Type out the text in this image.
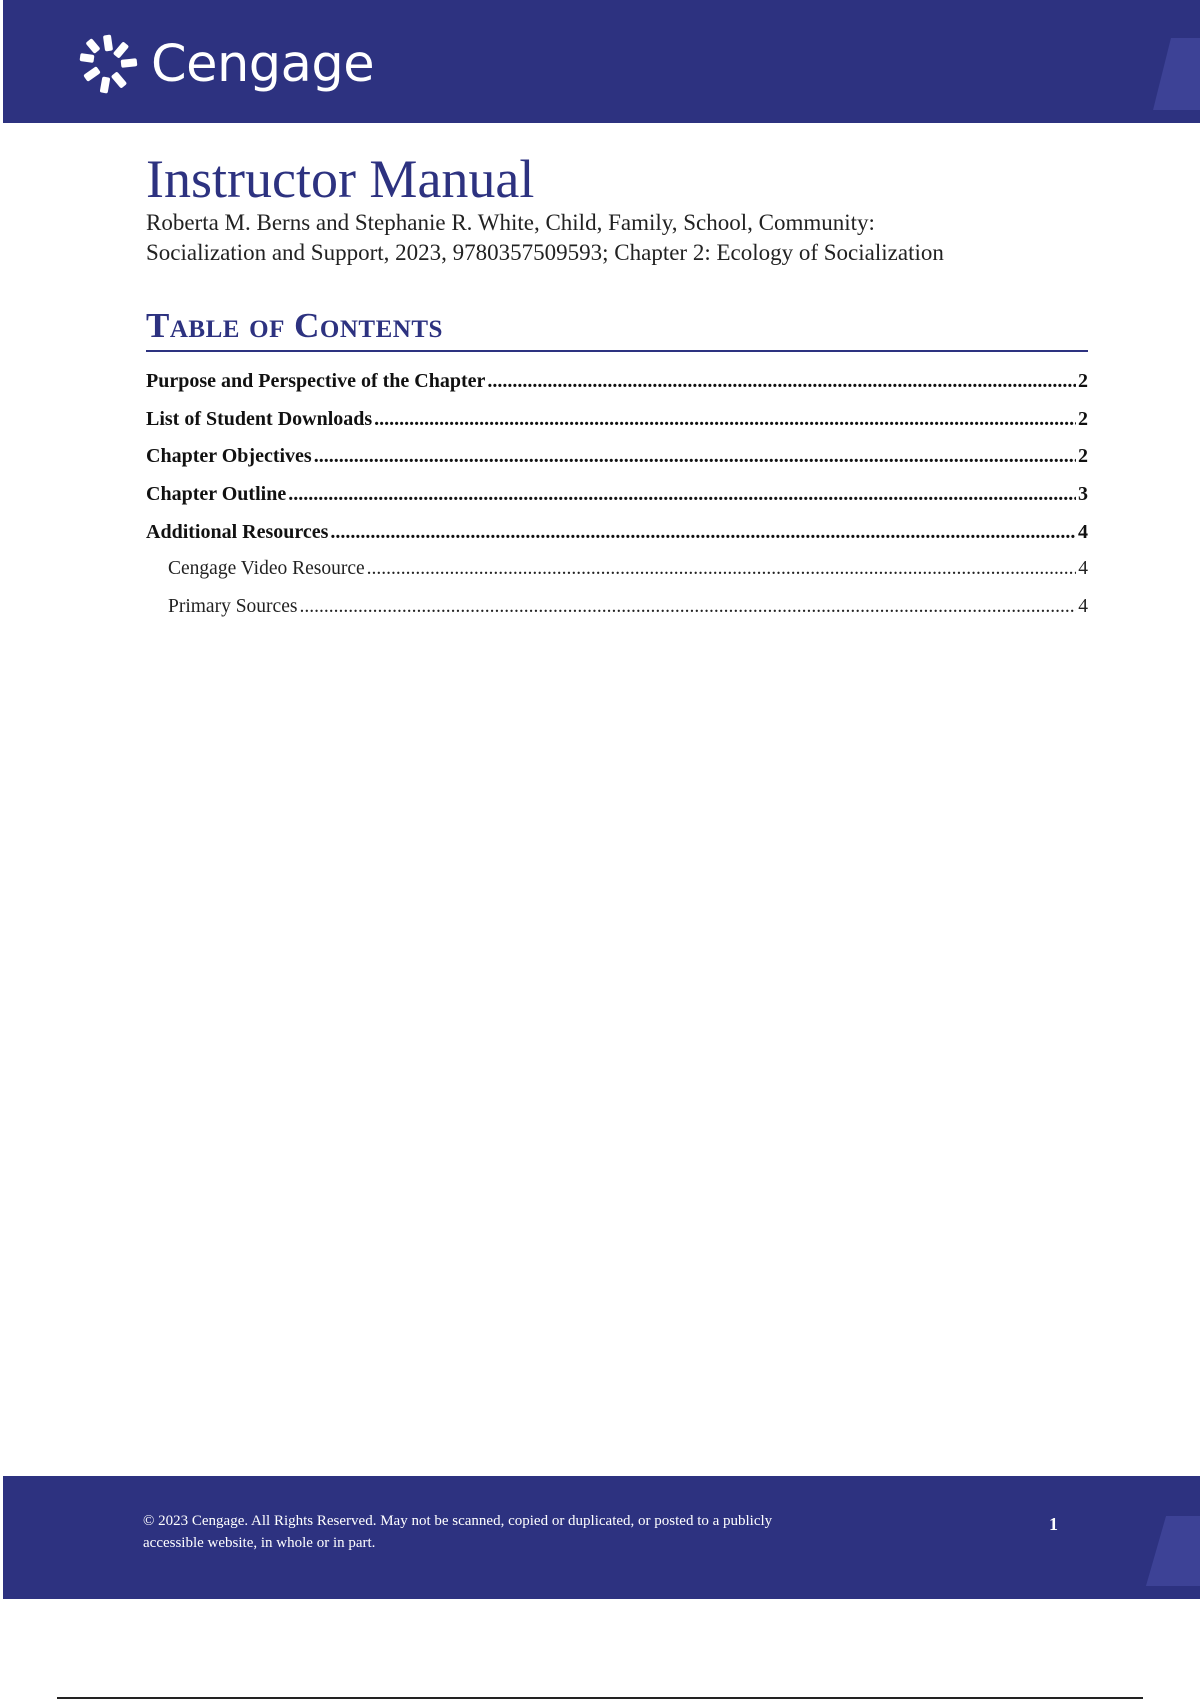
Cengage
Instructor Manual
Roberta M. Berns and Stephanie R. White, Child, Family, School, Community:
Socialization and Support, 2023, 9780357509593; Chapter 2: Ecology of Socialization
Table of Contents
Purpose and Perspective of the Chapter .....	2
List of Student Downloads .....	2
Chapter Objectives .....	2
Chapter Outline .....	3
Additional Resources .....	4
Cengage Video Resource .....	4
Primary Sources .....	4
© 2023 Cengage. All Rights Reserved. May not be scanned, copied or duplicated, or posted to a publicly
accessible website, in whole or in part.
1
